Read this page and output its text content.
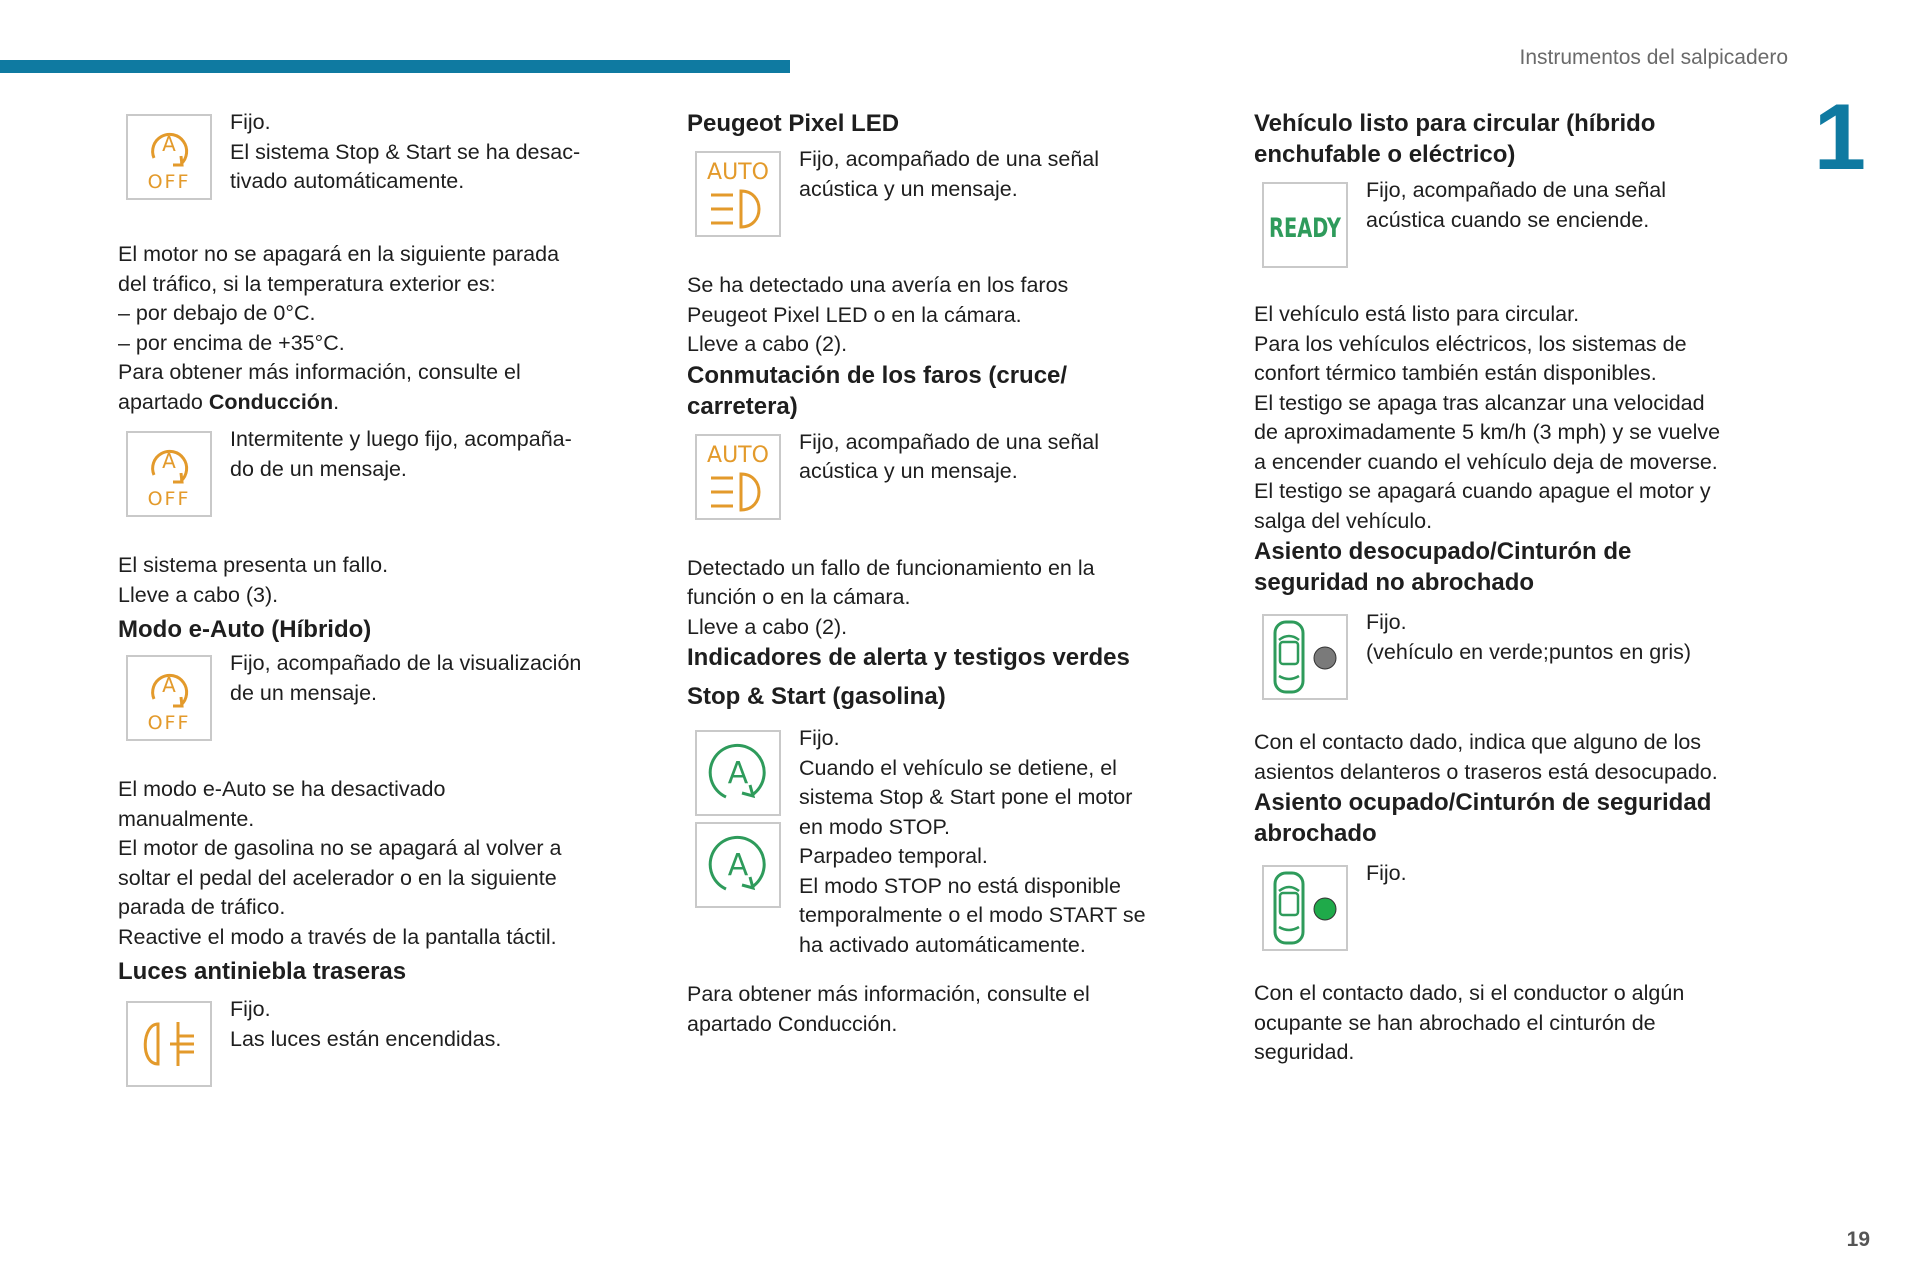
Instrumentos del salpicadero
1
19
A
OFF
Fijo.
El sistema Stop & Start se ha desac-
tivado automáticamente.
El motor no se apagará en la siguiente parada
del tráfico, si la temperatura exterior es:
– por debajo de 0°C.
– por encima de +35°C.
Para obtener más información, consulte el
apartado Conducción.
A
OFF
Intermitente y luego fijo, acompaña-
do de un mensaje.
El sistema presenta un fallo.
Lleve a cabo (3).
Modo e-Auto (Híbrido)
A
OFF
Fijo, acompañado de la visualización
de un mensaje.
El modo e-Auto se ha desactivado
manualmente.
El motor de gasolina no se apagará al volver a
soltar el pedal del acelerador o en la siguiente
parada de tráfico.
Reactive el modo a través de la pantalla táctil.
Luces antiniebla traseras
Fijo.
Las luces están encendidas.
Peugeot Pixel LED
AUTO
Fijo, acompañado de una señal
acústica y un mensaje.
Se ha detectado una avería en los faros
Peugeot Pixel LED o en la cámara.
Lleve a cabo (2).
Conmutación de los faros (cruce/
carretera)
AUTO
Fijo, acompañado de una señal
acústica y un mensaje.
Detectado un fallo de funcionamiento en la
función o en la cámara.
Lleve a cabo (2).
Indicadores de alerta y testigos verdes
Stop & Start (gasolina)
A
Fijo.
Cuando el vehículo se detiene, el
sistema Stop & Start pone el motor
en modo STOP.
A Parpadeo temporal.
El modo STOP no está disponible
temporalmente o el modo START se
ha activado automáticamente.
Para obtener más información, consulte el
apartado Conducción.
Vehículo listo para circular (híbrido
enchufable o eléctrico)
READY
Fijo, acompañado de una señal
acústica cuando se enciende.
El vehículo está listo para circular.
Para los vehículos eléctricos, los sistemas de
confort térmico también están disponibles.
El testigo se apaga tras alcanzar una velocidad
de aproximadamente 5 km/h (3 mph) y se vuelve
a encender cuando el vehículo deja de moverse.
El testigo se apagará cuando apague el motor y
salga del vehículo.
Asiento desocupado/Cinturón de
seguridad no abrochado
Fijo.
(vehículo en verde;puntos en gris)
Con el contacto dado, indica que alguno de los
asientos delanteros o traseros está desocupado.
Asiento ocupado/Cinturón de seguridad
abrochado
Fijo.
Con el contacto dado, si el conductor o algún
ocupante se han abrochado el cinturón de
seguridad.
